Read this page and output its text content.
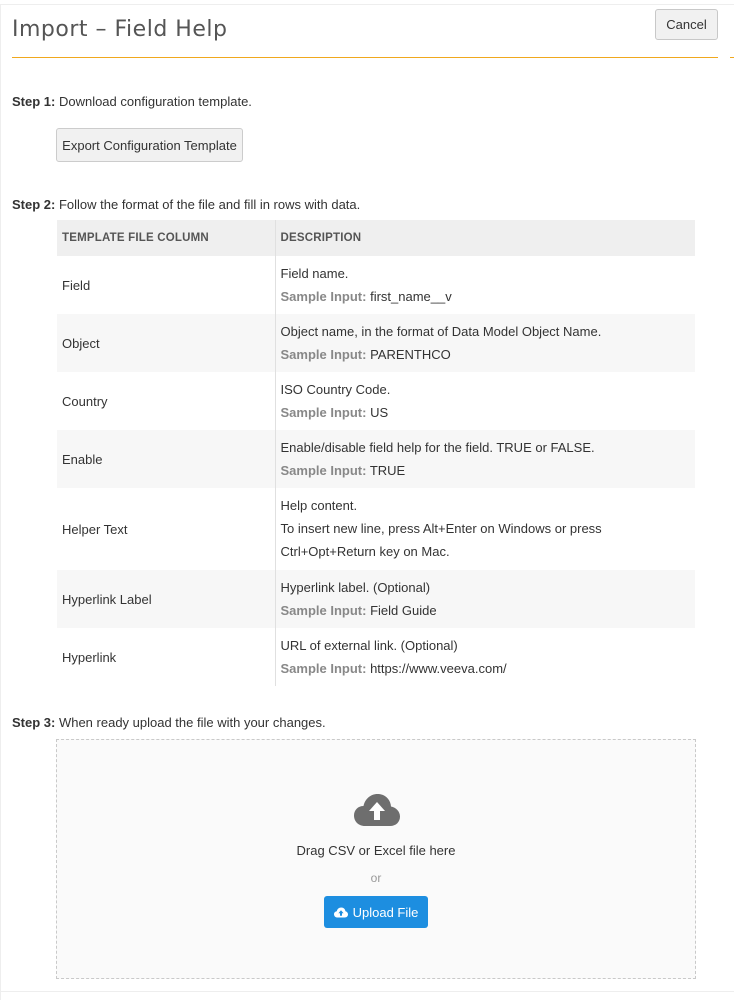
Import – Field Help	Cancel
Step 1: Download configuration template.
Export Configuration Template
Step 2: Follow the format of the file and fill in rows with data.
TEMPLATE FILE COLUMN	DESCRIPTION
Field	Field name.
Sample Input: first_name__v

Object	Object name, in the format of Data Model Object Name.
Sample Input: PARENTHCO

Country	ISO Country Code.
Sample Input: US

Enable	Enable/disable field help for the field. TRUE or FALSE.
Sample Input: TRUE

Helper Text	Help content.
To insert new line, press Alt+Enter on Windows or press Ctrl+Opt+Return key on Mac.

Hyperlink Label	Hyperlink label. (Optional)
Sample Input: Field Guide

Hyperlink	URL of external link. (Optional)
Sample Input: https://www.veeva.com/
Step 3: When ready upload the file with your changes.
Drag CSV or Excel file here
or
Upload File
